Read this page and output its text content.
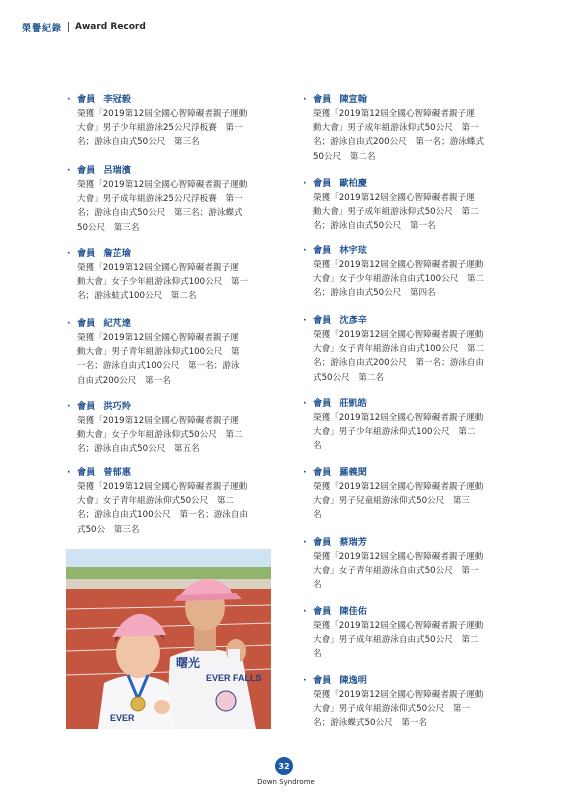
榮譽紀錄 Award Record
· 會員 李冠毅
榮獲「2019第12屆全國心智障礙者親子運動
大會」男子少年組游泳25公尺浮板賽　第一
名；游泳自由式50公尺　第三名
· 會員 呂瑞濱
榮獲「2019第12屆全國心智障礙者親子運動
大會」男子成年組游泳25公尺浮板賽　第一
名；游泳自由式50公尺　第三名；游泳蝶式
50公尺　第三名
· 會員 詹芷瑜
榮獲「2019第12屆全國心智障礙者親子運
動大會」女子少年組游泳仰式100公尺　第一
名；游泳蛙式100公尺　第二名
· 會員 紀芃達
榮獲「2019第12屆全國心智障礙者親子運
動大會」男子青年組游泳仰式100公尺　第
一名；游泳自由式100公尺　第一名；游泳
自由式200公尺　第一名
· 會員 洪巧羚
榮獲「2019第12屆全國心智障礙者親子運
動大會」女子少年組游泳仰式50公尺　第二
名；游泳自由式50公尺　第五名
· 會員 曾郁惠
榮獲「2019第12屆全國心智障礙者親子運動
大會」女子青年組游泳仰式50公尺　第二
名；游泳自由式100公尺　第一名；游泳自由
式50公　第三名
· 會員 陳宣翰
榮獲「2019第12屆全國心智障礙者親子運
動大會」男子成年組游泳仰式50公尺　第一
名；游泳自由式200公尺　第一名；游泳蝶式
50公尺　第二名
· 會員 歐柏慶
榮獲「2019第12屆全國心智障礙者親子運
動大會」男子成年組游泳仰式50公尺　第二
名；游泳自由式50公尺　第一名
· 會員 林宇玹
榮獲「2019第12屆全國心智障礙者親子運動
大會」女子少年組游泳自由式100公尺　第二
名；游泳自由式50公尺　第四名
· 會員 沈彥辛
榮獲「2019第12屆全國心智障礙者親子運動
大會」女子青年組游泳自由式100公尺　第二
名；游泳自由式200公尺　第一名；游泳自由
式50公尺　第二名
· 會員 莊凱皓
榮獲「2019第12屆全國心智障礙者親子運動
大會」男子少年組游泳仰式100公尺　第二
名
· 會員 羅義閎
榮獲「2019第12屆全國心智障礙者親子運動
大會」男子兒童組游泳仰式50公尺　第三
名
· 會員 蔡瑞芳
榮獲「2019第12屆全國心智障礙者親子運動
大會」女子青年組游泳自由式50公尺　第一
名
· 會員 陳佳佑
榮獲「2019第12屆全國心智障礙者親子運動
大會」男子成年組游泳自由式50公尺　第二
名
· 會員 陳逸明
榮獲「2019第12屆全國心智障礙者親子運動
大會」男子成年組游泳仰式50公尺　第一
名；游泳蝶式50公尺　第一名
曙光
EVER FALLS
EVER
32
Down Syndrome
